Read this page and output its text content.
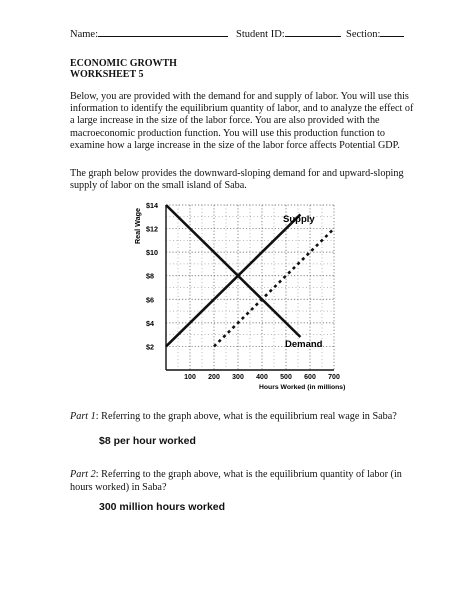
Name:	Student ID:	Section:
ECONOMIC GROWTH
WORKSHEET 5
Below, you are provided with the demand for and supply of labor. You will use this
information to identify the equilibrium quantity of labor, and to analyze the effect of
a large increase in the size of the labor force. You are also provided with the
macroeconomic production function. You will use this production function to
examine how a large increase in the size of the labor force affects Potential GDP.
The graph below provides the downward-sloping demand for and upward-sloping
supply of labor on the small island of Saba.
$2
$4
$6
$8
$10
$12
$14
100 200 300 400 500 600 700
Real Wage
Hours Worked (in millions)
Supply
Demand
Part 1: Referring to the graph above, what is the equilibrium real wage in Saba?
$8 per hour worked
Part 2: Referring to the graph above, what is the equilibrium quantity of labor (in
hours worked) in Saba?
300 million hours worked
